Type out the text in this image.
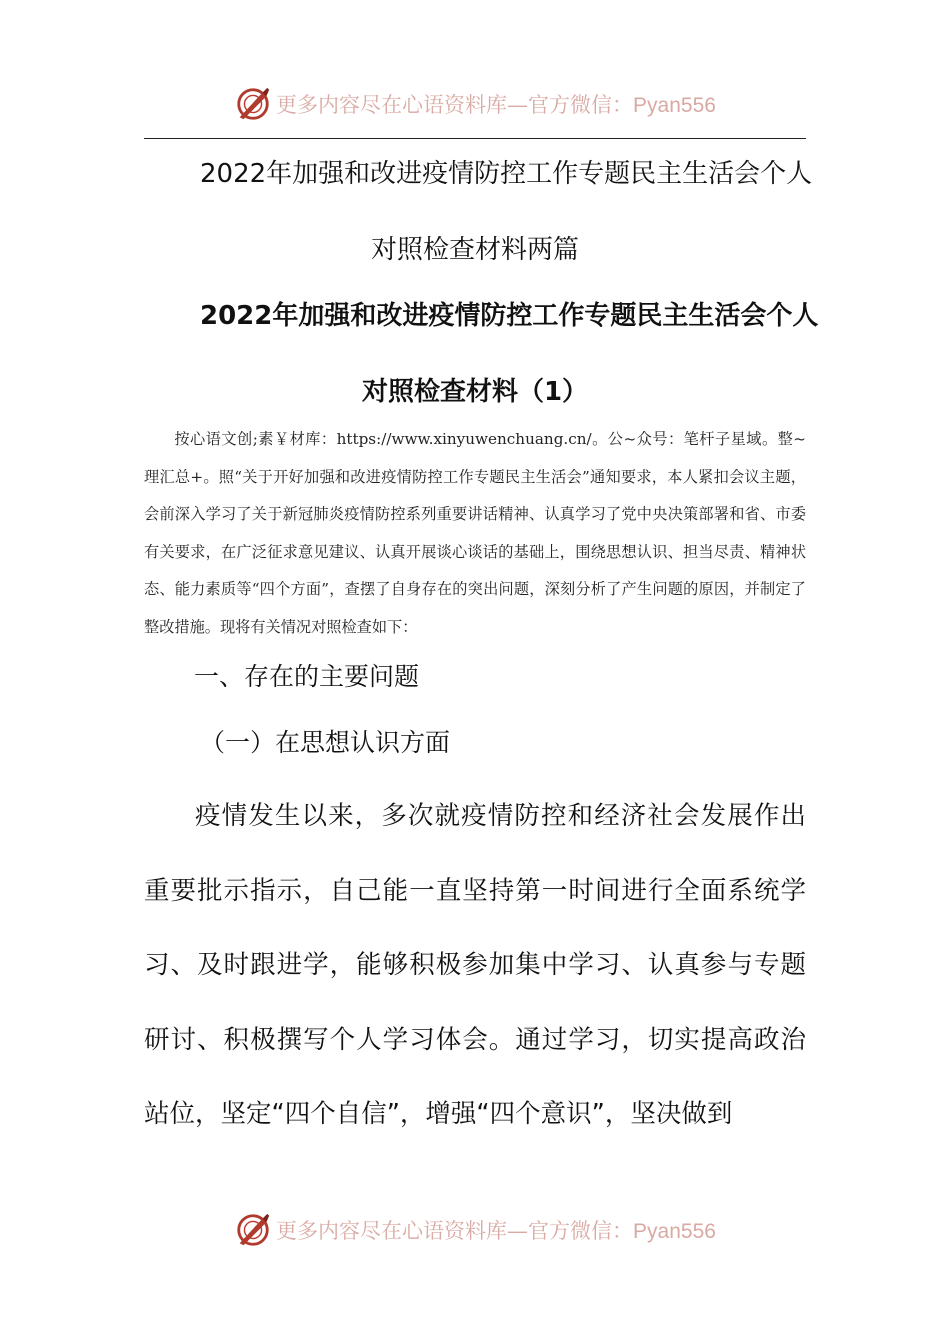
更多内容尽在心语资料库—官方微信：Pyan556
2022年加强和改进疫情防控工作专题民主生活会个人
对照检查材料两篇
2022年加强和改进疫情防控工作专题民主生活会个人
对照检查材料（1）

按心语文创;素￥材库：https://www.xinyuwenchuang.cn/。公~众号：笔杆子星域。整~理汇总+。照“关于开好加强和改进疫情防控工作专题民主生活会”通知要求，本人紧扣会议主题，会前深入学习了关于新冠肺炎疫情防控系列重要讲话精神、认真学习了党中央决策部署和省、市委有关要求，在广泛征求意见建议、认真开展谈心谈话的基础上，围绕思想认识、担当尽责、精神状态、能力素质等“四个方面”，查摆了自身存在的突出问题，深刻分析了产生问题的原因，并制定了整改措施。现将有关情况对照检查如下：

一、存在的主要问题
（一）在思想认识方面

疫情发生以来，多次就疫情防控和经济社会发展作出重要批示指示，自己能一直坚持第一时间进行全面系统学习、及时跟进学，能够积极参加集中学习、认真参与专题研讨、积极撰写个人学习体会。通过学习，切实提高政治站位，坚定“四个自信”，增强“四个意识”，坚决做到

更多内容尽在心语资料库—官方微信：Pyan556
